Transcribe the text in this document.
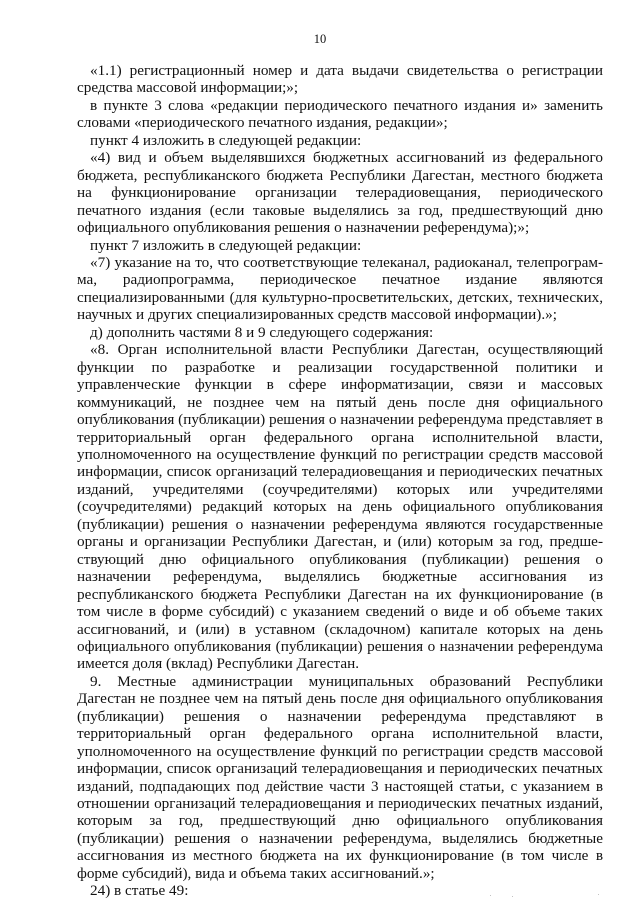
10

«1.1) регистрационный номер и дата выдачи свидетельства о регистрации средства массовой информации;»;

в пункте 3 слова «редакции периодического печатного издания и» заменить словами «периодического печатного издания, редакции»;

пункт 4 изложить в следующей редакции:

«4) вид и объем выделявшихся бюджетных ассигнований из федерального бюджета, республиканского бюджета Республики Дагестан, местного бюджета на функционирование организации телерадиовещания, периодического печатного издания (если таковые выделялись за год, предшествующий дню официального опубликования решения о назначении референдума);»;

пункт 7 изложить в следующей редакции:

«7) указание на то, что соответствующие телеканал, радиоканал, телепрограмма, радиопрограмма, периодическое печатное издание являются специализированными (для культурно-просветительских, детских, технических, научных и других специализированных средств массовой информации).»;

д) дополнить частями 8 и 9 следующего содержания:

«8. Орган исполнительной власти Республики Дагестан, осуществляющий функции по разработке и реализации государственной политики и управленческие функции в сфере информатизации, связи и массовых коммуникаций, не позднее чем на пятый день после дня официального опубликования (публикации) решения о назначении референдума представляет в территориальный орган федерального органа исполнительной власти, уполномоченного на осуществление функций по регистрации средств массовой информации, список организаций телерадиовещания и периодических печатных изданий, учредителями (соучредителями) которых или учредителями (соучредителями) редакций которых на день официального опубликования (публикации) решения о назначении референдума являются государственные органы и организации Республики Дагестан, и (или) которым за год, предшествующий дню официального опубликования (публикации) решения о назначении референдума, выделялись бюджетные ассигнования из республиканского бюджета Республики Дагестан на их функционирование (в том числе в форме субсидий) с указанием сведений о виде и об объеме таких ассигнований, и (или) в уставном (складочном) капитале которых на день официального опубликования (публикации) решения о назначении референдума имеется доля (вклад) Республики Дагестан.

9. Местные администрации муниципальных образований Республики Дагестан не позднее чем на пятый день после дня официального опубликования (публикации) решения о назначении референдума представляют в территориальный орган федерального органа исполнительной власти, уполномоченного на осуществление функций по регистрации средств массовой информации, список организаций телерадиовещания и периодических печатных изданий, подпадающих под действие части 3 настоящей статьи, с указанием в отношении организаций телерадиовещания и периодических печатных изданий, которым за год, предшествующий дню официального опубликования (публикации) решения о назначении референдума, выделялись бюджетные ассигнования из местного бюджета на их функционирование (в том числе в форме субсидий), вида и объема таких ассигнований.»;

24) в статье 49:
